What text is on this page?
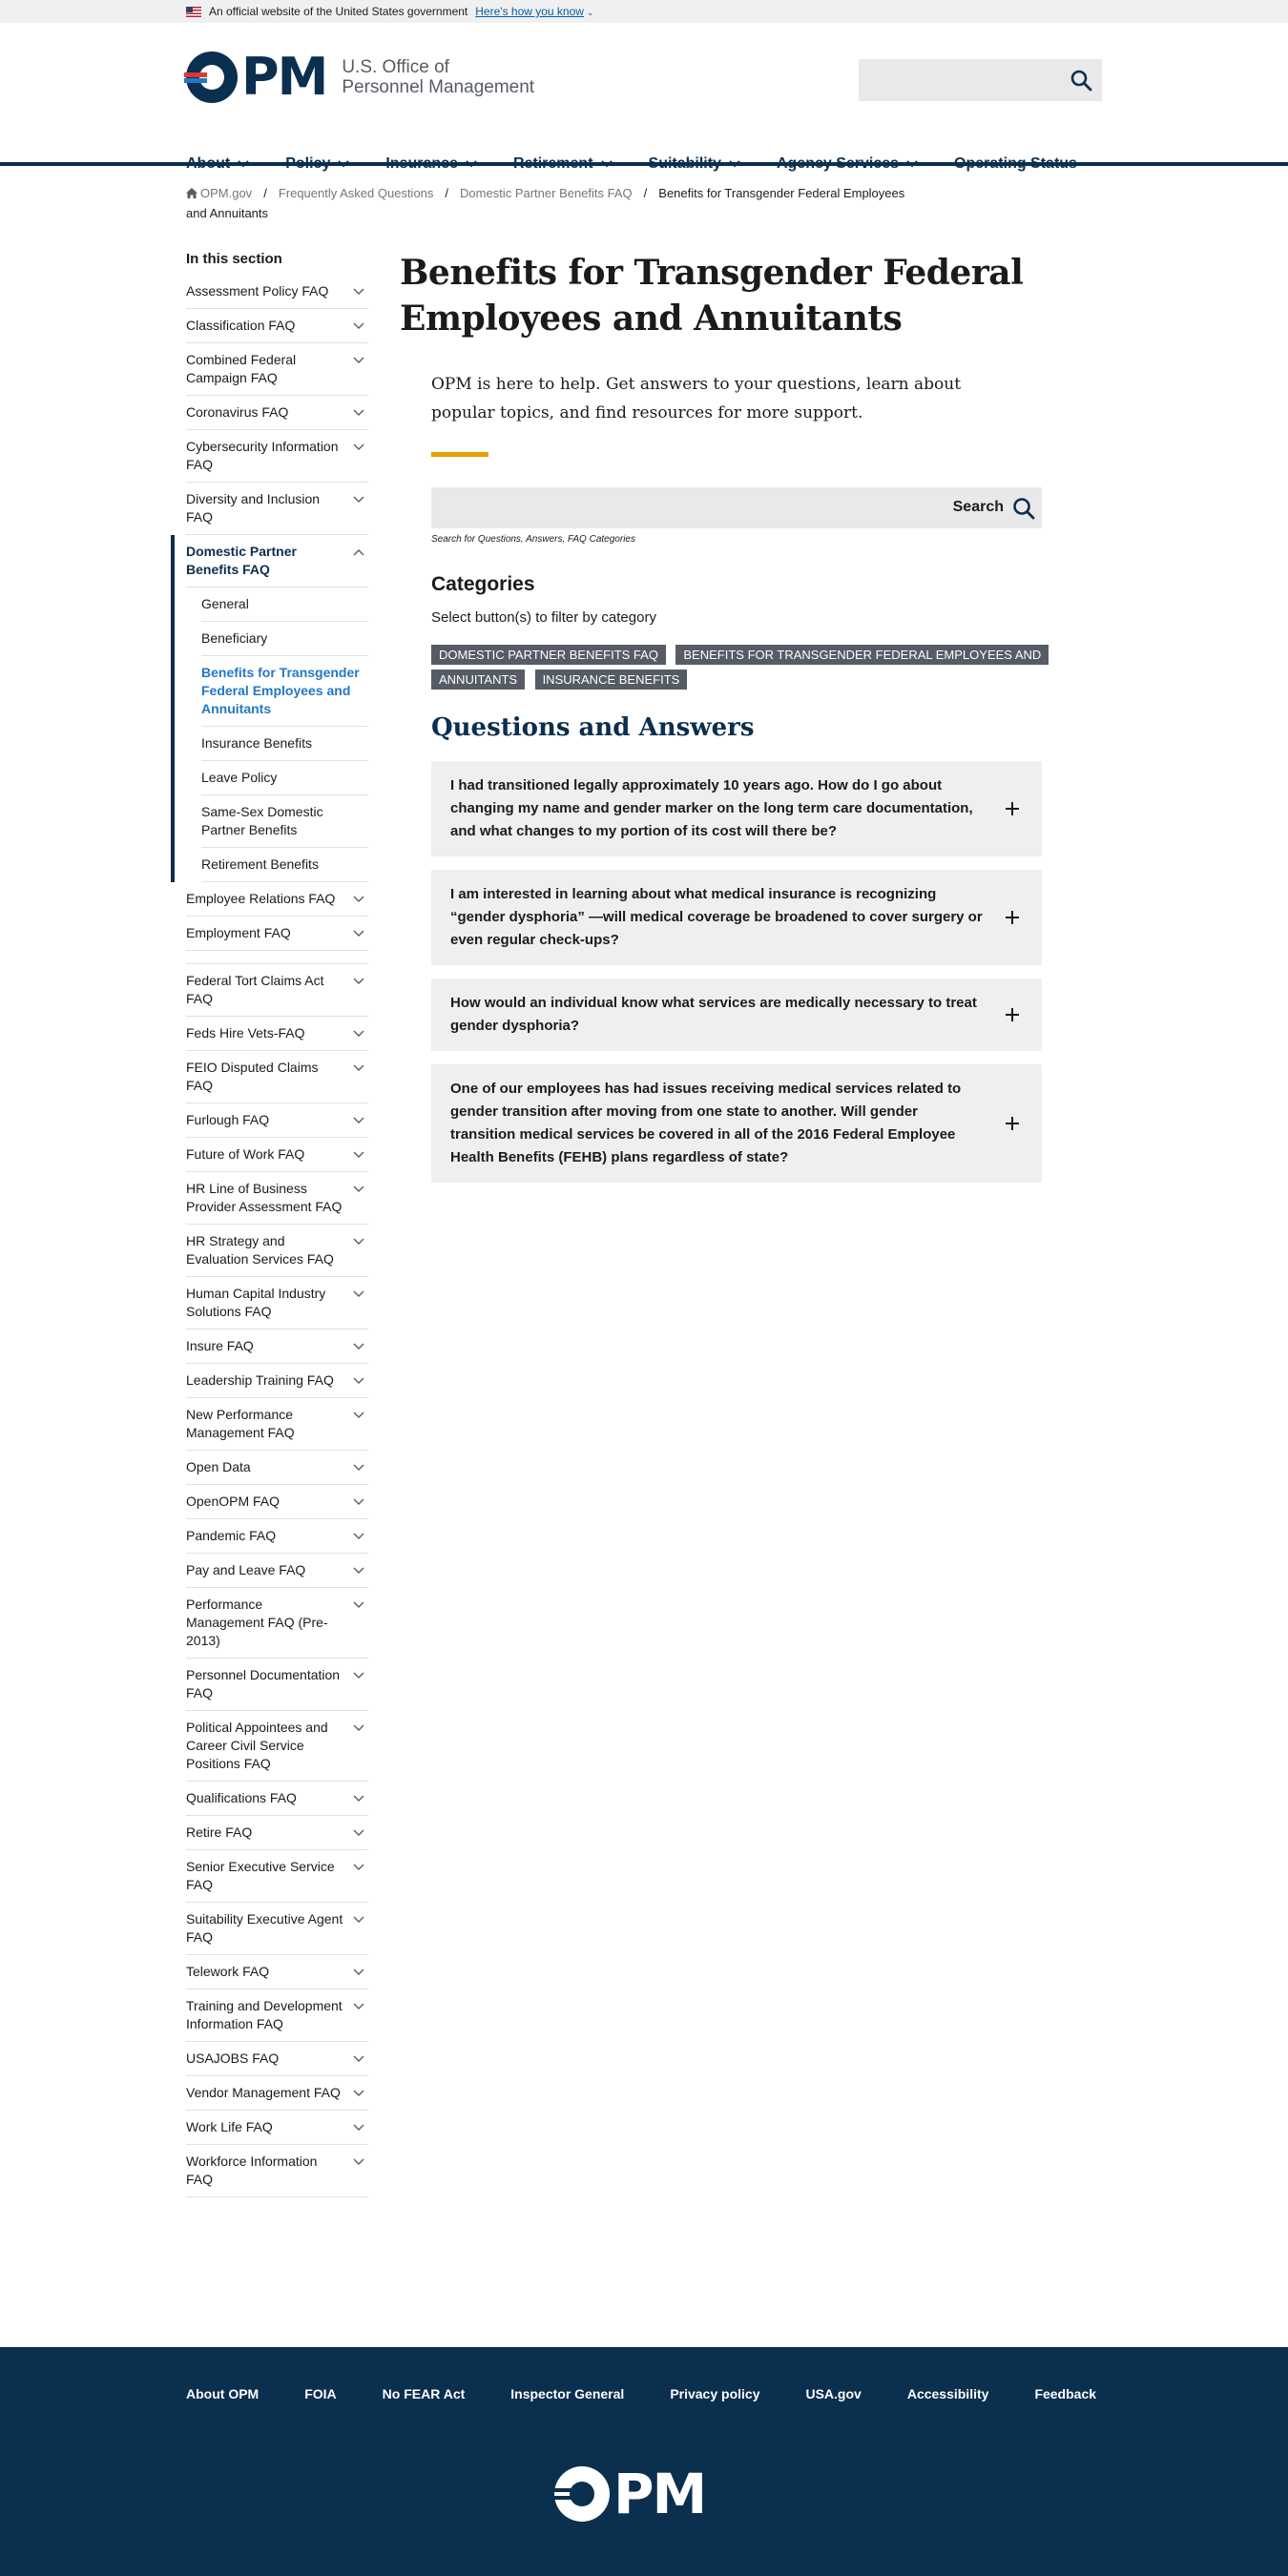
An official website of the United States government Here's how you know ⌄
PM U.S. Office of
Personnel Management
About	Policy	Insurance	Retirement	Suitability	Agency Services	Operating Status
OPM.gov / Frequently Asked Questions / Domestic Partner Benefits FAQ / Benefits for Transgender Federal Employees
and Annuitants
In this section
Assessment Policy FAQ
Classification FAQ
Combined Federal Campaign FAQ
Coronavirus FAQ
Cybersecurity Information FAQ
Diversity and Inclusion FAQ
Domestic Partner Benefits FAQ
General
Beneficiary
Benefits for Transgender Federal Employees and Annuitants
Insurance Benefits
Leave Policy
Same-Sex Domestic Partner Benefits
Retirement Benefits
Employee Relations FAQ
Employment FAQ
Federal Tort Claims Act FAQ
Feds Hire Vets-FAQ
FEIO Disputed Claims FAQ
Furlough FAQ
Future of Work FAQ
HR Line of Business Provider Assessment FAQ
HR Strategy and Evaluation Services FAQ
Human Capital Industry Solutions FAQ
Insure FAQ
Leadership Training FAQ
New Performance Management FAQ
Open Data
OpenOPM FAQ
Pandemic FAQ
Pay and Leave FAQ
Performance Management FAQ (Pre-2013)
Personnel Documentation FAQ
Political Appointees and Career Civil Service Positions FAQ
Qualifications FAQ
Retire FAQ
Senior Executive Service FAQ
Suitability Executive Agent FAQ
Telework FAQ
Training and Development Information FAQ
USAJOBS FAQ
Vendor Management FAQ
Work Life FAQ
Workforce Information FAQ
Benefits for Transgender Federal
Employees and Annuitants

OPM is here to help. Get answers to your questions, learn about popular topics, and find resources for more support.

Search
Search for Questions, Answers, FAQ Categories
Categories

Select button(s) to filter by category

DOMESTIC PARTNER BENEFITS FAQ BENEFITS FOR TRANSGENDER FEDERAL EMPLOYEES AND ANNUITANTS INSURANCE BENEFITS
Questions and Answers
I had transitioned legally approximately 10 years ago. How do I go about changing my name and gender marker on the long term care documentation, and what changes to my portion of its cost will there be?
I am interested in learning about what medical insurance is recognizing “gender dysphoria” —will medical coverage be broadened to cover surgery or even regular check-ups?
How would an individual know what services are medically necessary to treat gender dysphoria?
One of our employees has had issues receiving medical services related to gender transition after moving from one state to another. Will gender transition medical services be covered in all of the 2016 Federal Employee Health Benefits (FEHB) plans regardless of state?
About OPM	FOIA	No FEAR Act	Inspector General	Privacy policy	USA.gov	Accessibility	Feedback
PM
